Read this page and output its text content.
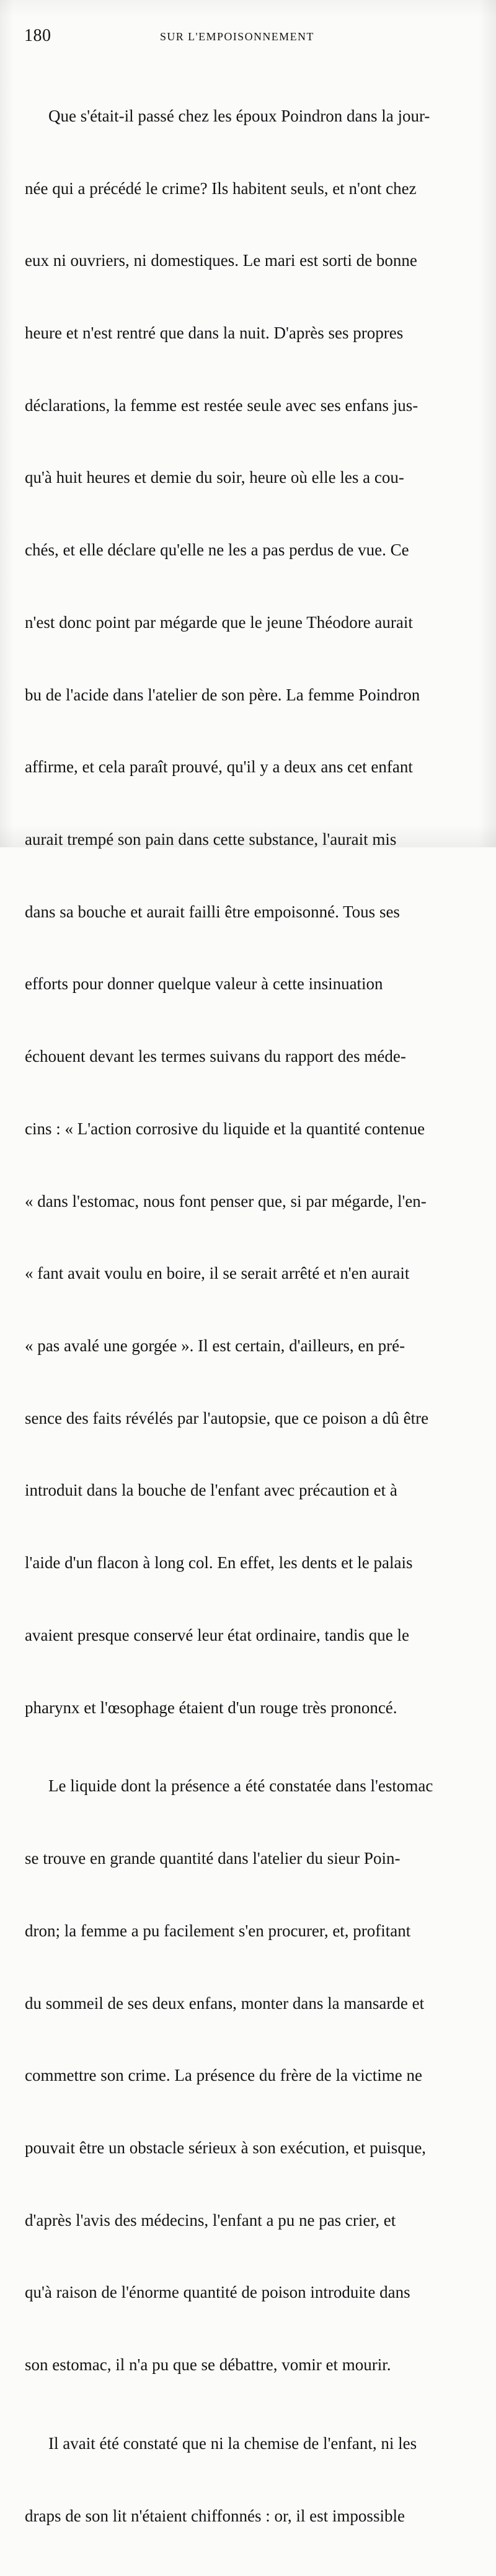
180	SUR L'EMPOISONNEMENT

Que s'était-il passé chez les époux Poindron dans la jour-

née qui a précédé le crime? Ils habitent seuls, et n'ont chez

eux ni ouvriers, ni domestiques. Le mari est sorti de bonne

heure et n'est rentré que dans la nuit. D'après ses propres

déclarations, la femme est restée seule avec ses enfans jus-

qu'à huit heures et demie du soir, heure où elle les a cou-

chés, et elle déclare qu'elle ne les a pas perdus de vue. Ce

n'est donc point par mégarde que le jeune Théodore aurait

bu de l'acide dans l'atelier de son père. La femme Poindron

affirme, et cela paraît prouvé, qu'il y a deux ans cet enfant

aurait trempé son pain dans cette substance, l'aurait mis

dans sa bouche et aurait failli être empoisonné. Tous ses

efforts pour donner quelque valeur à cette insinuation

échouent devant les termes suivans du rapport des méde-

cins : « L'action corrosive du liquide et la quantité contenue

« dans l'estomac, nous font penser que, si par mégarde, l'en-

« fant avait voulu en boire, il se serait arrêté et n'en aurait

« pas avalé une gorgée ». Il est certain, d'ailleurs, en pré-

sence des faits révélés par l'autopsie, que ce poison a dû être

introduit dans la bouche de l'enfant avec précaution et à

l'aide d'un flacon à long col. En effet, les dents et le palais

avaient presque conservé leur état ordinaire, tandis que le

pharynx et l'œsophage étaient d'un rouge très prononcé.

Le liquide dont la présence a été constatée dans l'estomac

se trouve en grande quantité dans l'atelier du sieur Poin-

dron; la femme a pu facilement s'en procurer, et, profitant

du sommeil de ses deux enfans, monter dans la mansarde et

commettre son crime. La présence du frère de la victime ne

pouvait être un obstacle sérieux à son exécution, et puisque,

d'après l'avis des médecins, l'enfant a pu ne pas crier, et

qu'à raison de l'énorme quantité de poison introduite dans

son estomac, il n'a pu que se débattre, vomir et mourir.

Il avait été constaté que ni la chemise de l'enfant, ni les

draps de son lit n'étaient chiffonnés : or, il est impossible
